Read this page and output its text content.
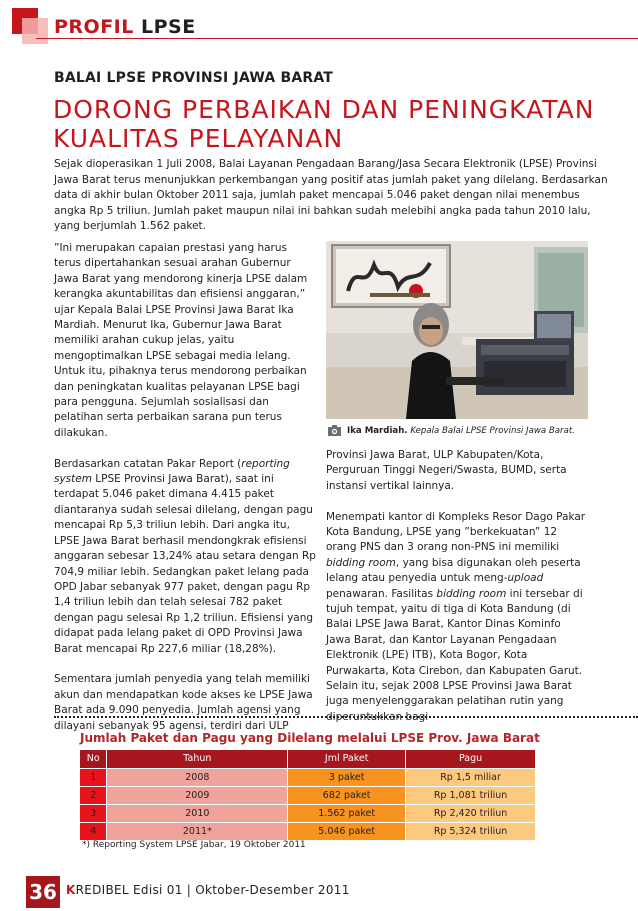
PROFIL LPSE
BALAI LPSE PROVINSI JAWA BARAT
DORONG PERBAIKAN DAN PENINGKATAN
KUALITAS PELAYANAN
Sejak dioperasikan 1 Juli 2008, Balai Layanan Pengadaan Barang/Jasa Secara Elektronik (LPSE) Provinsi Jawa Barat terus menunjukkan perkembangan yang positif atas jumlah paket yang dilelang. Berdasarkan data di akhir bulan Oktober 2011 saja, jumlah paket mencapai 5.046 paket dengan nilai menembus angka Rp 5 triliun. Jumlah paket maupun nilai ini bahkan sudah melebihi angka pada tahun 2010 lalu, yang berjumlah 1.562 paket.

”Ini merupakan capaian prestasi yang harus terus dipertahankan sesuai arahan Gubernur Jawa Barat yang mendorong kinerja LPSE dalam kerangka akuntabilitas dan efisiensi anggaran,” ujar Kepala Balai LPSE Provinsi Jawa Barat Ika Mardiah. Menurut Ika, Gubernur Jawa Barat memiliki arahan cukup jelas, yaitu mengoptimalkan LPSE sebagai media lelang. Untuk itu, pihaknya terus mendorong perbaikan dan peningkatan kualitas pelayanan LPSE bagi para pengguna. Sejumlah sosialisasi dan pelatihan serta perbaikan sarana pun terus dilakukan.

Berdasarkan catatan Pakar Report (reporting system LPSE Provinsi Jawa Barat), saat ini terdapat 5.046 paket dimana 4.415 paket diantaranya sudah selesai dilelang, dengan pagu mencapai Rp 5,3 triliun lebih. Dari angka itu, LPSE Jawa Barat berhasil mendongkrak efisiensi anggaran sebesar 13,24% atau setara dengan Rp 704,9 miliar lebih. Sedangkan paket lelang pada OPD Jabar sebanyak 977 paket, dengan pagu Rp 1,4 triliun lebih dan telah selesai 782 paket dengan pagu selesai Rp 1,2 triliun. Efisiensi yang didapat pada lelang paket di OPD Provinsi Jawa Barat mencapai Rp 227,6 miliar (18,28%).

Sementara jumlah penyedia yang telah memiliki akun dan mendapatkan kode akses ke LPSE Jawa Barat ada 9.090 penyedia. Jumlah agensi yang dilayani sebanyak 95 agensi, terdiri dari ULP

Ika Mardiah. Kepala Balai LPSE Provinsi Jawa Barat.

Provinsi Jawa Barat, ULP Kabupaten/Kota, Perguruan Tinggi Negeri/Swasta, BUMD, serta instansi vertikal lainnya.

Menempati kantor di Kompleks Resor Dago Pakar Kota Bandung, LPSE yang ”berkekuatan” 12 orang PNS dan 3 orang non-PNS ini memiliki bidding room, yang bisa digunakan oleh peserta lelang atau penyedia untuk meng-upload penawaran. Fasilitas bidding room ini tersebar di tujuh tempat, yaitu di tiga di Kota Bandung (di Balai LPSE Jawa Barat, Kantor Dinas Kominfo Jawa Barat, dan Kantor Layanan Pengadaan Elektronik (LPE) ITB), Kota Bogor, Kota Purwakarta, Kota Cirebon, dan Kabupaten Garut. Selain itu, sejak 2008 LPSE Provinsi Jawa Barat juga menyelenggarakan pelatihan rutin yang diperuntukkan bagi

Jumlah Paket dan Pagu yang Dilelang melalui LPSE Prov. Jawa Barat
No	Tahun	Jml Paket	Pagu
1	2008	3 paket	Rp 1,5 miliar
2	2009	682 paket	Rp 1,081 triliun
3	2010	1.562 paket	Rp 2,420 triliun
4	2011*	5.046 paket	Rp 5,324 triliun
*) Reporting System LPSE Jabar, 19 Oktober 2011
36 KREDIBEL Edisi 01 | Oktober-Desember 2011
